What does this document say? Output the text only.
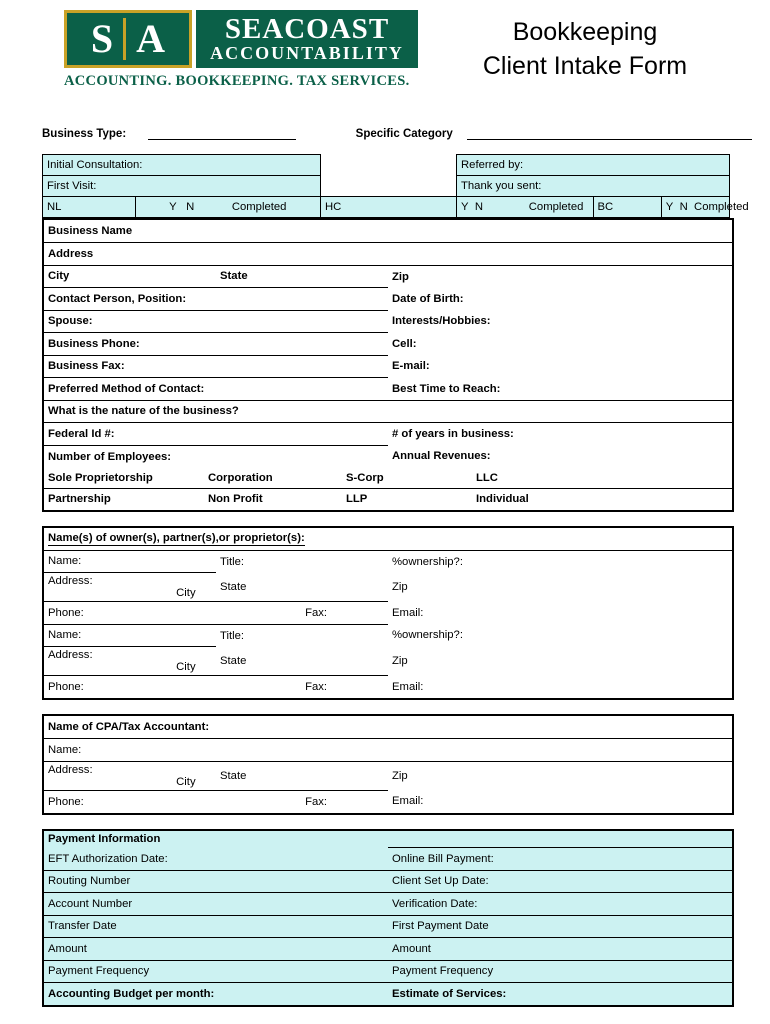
S A	SEACOAST
ACCOUNTABILITY
ACCOUNTING. BOOKKEEPING. TAX SERVICES.
Bookkeeping
Client Intake Form
Business Type:	Specific Category
Initial Consultation:				Referred by:			
First Visit:				Thank you sent:			
NL	Y N	Completed	HC	Y N	Completed	BC	Y N Completed
Business Name			
Address			
City	State	Zip	
Contact Person, Position:		Date of Birth:	
Spouse:		Interests/Hobbies:	
Business Phone:		Cell:	
Business Fax:		E-mail:	
Preferred Method of Contact:		Best Time to Reach:	
What is the nature of the business?			
Federal Id #:		# of years in business:	
Number of Employees:		Annual Revenues:	
Sole Proprietorship		Corporation		S-Corp		LLC		
Partnership		Non Profit		LLP		Individual		
Name(s) of owner(s), partner(s),or proprietor(s):		
Name:	Title:	%ownership?:
Address:  City	State	Zip
Phone: Fax:		Email:
Name:	Title:	%ownership?:
Address:  City	State	Zip
Phone: Fax:		Email:
Name of CPA/Tax Accountant:		
Name:		
Address:  City	State	Zip
Phone: Fax:		Email:
Payment Information	
EFT Authorization Date:	Online Bill Payment:
Routing Number	Client Set Up Date:
Account Number	Verification Date:
Transfer Date	First Payment Date
Amount	Amount
Payment Frequency	Payment Frequency
Accounting Budget per month:	Estimate of Services:
